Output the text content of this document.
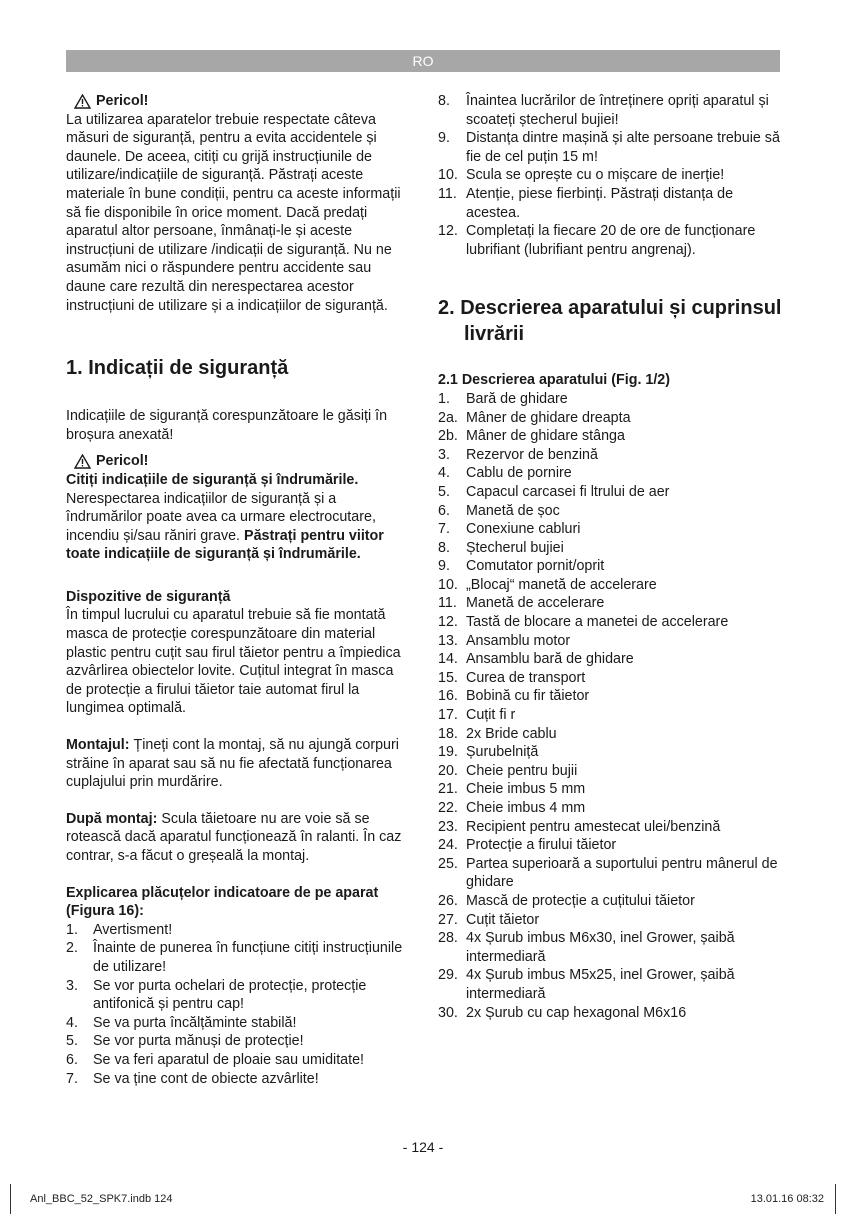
RO
Pericol!

La utilizarea aparatelor trebuie respectate câteva măsuri de siguranță, pentru a evita accidentele și daunele. De aceea, citiți cu grijă instrucțiunile de utilizare/indicațiile de siguranță. Păstrați aceste materiale în bune condiții, pentru ca aceste informații să fie disponibile în orice moment. Dacă predați aparatul altor persoane, înmânați-le și aceste instrucțiuni de utilizare /indicații de siguranță. Nu ne asumăm nici o răspundere pentru accidente sau daune care rezultă din nerespectarea acestor instrucțiuni de utilizare și a indicațiilor de siguranță.

1. Indicații de siguranță

Indicațiile de siguranță corespunzătoare le găsiți în broșura anexată!

Pericol!

Citiți indicațiile de siguranță și îndrumările. Nerespectarea indicațiilor de siguranță și a îndrumărilor poate avea ca urmare electrocutare, incendiu și/sau răniri grave. Păstrați pentru viitor toate indicațiile de siguranță și îndrumările.

Dispozitive de siguranță

În timpul lucrului cu aparatul trebuie să fie montată masca de protecție corespunzătoare din material plastic pentru cuțit sau firul tăietor pentru a împiedica azvârlirea obiectelor lovite. Cuțitul integrat în masca de protecție a firului tăietor taie automat firul la lungimea optimală.

Montajul: Țineți cont la montaj, să nu ajungă corpuri străine în aparat sau să nu fie afectată funcționarea cuplajului prin murdărire.

După montaj: Scula tăietoare nu are voie să se rotească dacă aparatul funcționează în ralanti. În caz contrar, s-a făcut o greșeală la montaj.

Explicarea plăcuțelor indicatoare de pe aparat (Figura 16):
1.	Avertisment!
2.	Înainte de punerea în funcțiune citiți instrucțiunile de utilizare!
3.	Se vor purta ochelari de protecție, protecție antifonică și pentru cap!
4.	Se va purta încălțăminte stabilă!
5.	Se vor purta mănuși de protecție!
6.	Se va feri aparatul de ploaie sau umiditate!
7.	Se va ține cont de obiecte azvârlite!
8.	Înaintea lucrărilor de întreținere opriți aparatul și scoateți ștecherul bujiei!
9.	Distanța dintre mașină și alte persoane trebuie să fie de cel puțin 15 m!
10. Scula se oprește cu o mișcare de inerție!
11. Atenție, piese fierbinți. Păstrați distanța de acestea.
12. Completați la fiecare 20 de ore de funcționare lubrifiant (lubrifiant pentru angrenaj).
2. Descrierea aparatului și cuprinsul livrării
2.1 Descrierea aparatului (Fig. 1/2)
1.	Bară de ghidare
2a. Mâner de ghidare dreapta
2b. Mâner de ghidare stânga
3.	Rezervor de benzină
4.	Cablu de pornire
5.	Capacul carcasei fi ltrului de aer
6.	Manetă de șoc
7.	Conexiune cabluri
8.	Ștecherul bujiei
9.	Comutator pornit/oprit
10. „Blocaj“ manetă de accelerare
11. Manetă de accelerare
12. Tastă de blocare a manetei de accelerare
13. Ansamblu motor
14. Ansamblu bară de ghidare
15. Curea de transport
16. Bobină cu fir tăietor
17. Cuțit fi r
18. 2x Bride cablu
19. Șurubelniță
20. Cheie pentru bujii
21. Cheie imbus 5 mm
22. Cheie imbus 4 mm
23. Recipient pentru amestecat ulei/benzină
24. Protecție a firului tăietor
25. Partea superioară a suportului pentru mânerul de ghidare
26. Mască de protecție a cuțitului tăietor
27. Cuțit tăietor
28. 4x Șurub imbus M6x30, inel Grower, șaibă intermediară
29. 4x Șurub imbus M5x25, inel Grower, șaibă intermediară
30. 2x Șurub cu cap hexagonal M6x16
- 124 -
Anl_BBC_52_SPK7.indb 124	13.01.16 08:32
